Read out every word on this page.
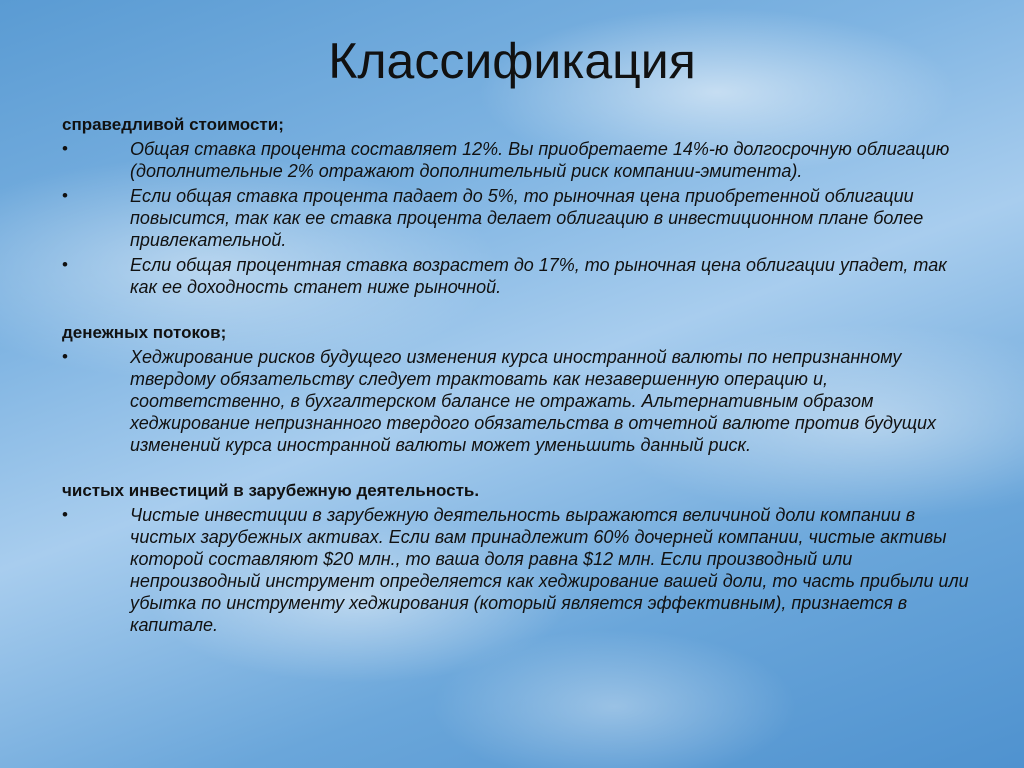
Классификация
справедливой стоимости;
•	Общая ставка процента составляет 12%. Вы приобретаете 14%-ю долгосрочную облигацию (дополнительные 2% отражают дополнительный риск компании-эмитента).
•	Если общая ставка процента падает до 5%, то рыночная цена приобретенной облигации повысится, так как ее ставка процента делает облигацию в инвестиционном плане более привлекательной.
•	Если общая процентная ставка возрастет до 17%, то рыночная цена облигации упадет, так как ее доходность станет ниже рыночной.
денежных потоков;
•	Хеджирование рисков будущего изменения курса иностранной валюты по непризнанному твердому обязательству следует трактовать как незавершенную операцию и, соответственно, в бухгалтерском балансе не отражать. Альтернативным образом хеджирование непризнанного твердого обязательства в отчетной валюте против будущих изменений курса иностранной валюты может уменьшить данный риск.
чистых инвестиций в зарубежную деятельность.
•	Чистые инвестиции в зарубежную деятельность выражаются величиной доли компании в чистых зарубежных активах. Если вам принадлежит 60% дочерней компании, чистые активы которой составляют $20 млн., то ваша доля равна $12 млн. Если производный или непроизводный инструмент определяется как хеджирование вашей доли, то часть прибыли или убытка по инструменту хеджирования (который является эффективным), признается в капитале.
